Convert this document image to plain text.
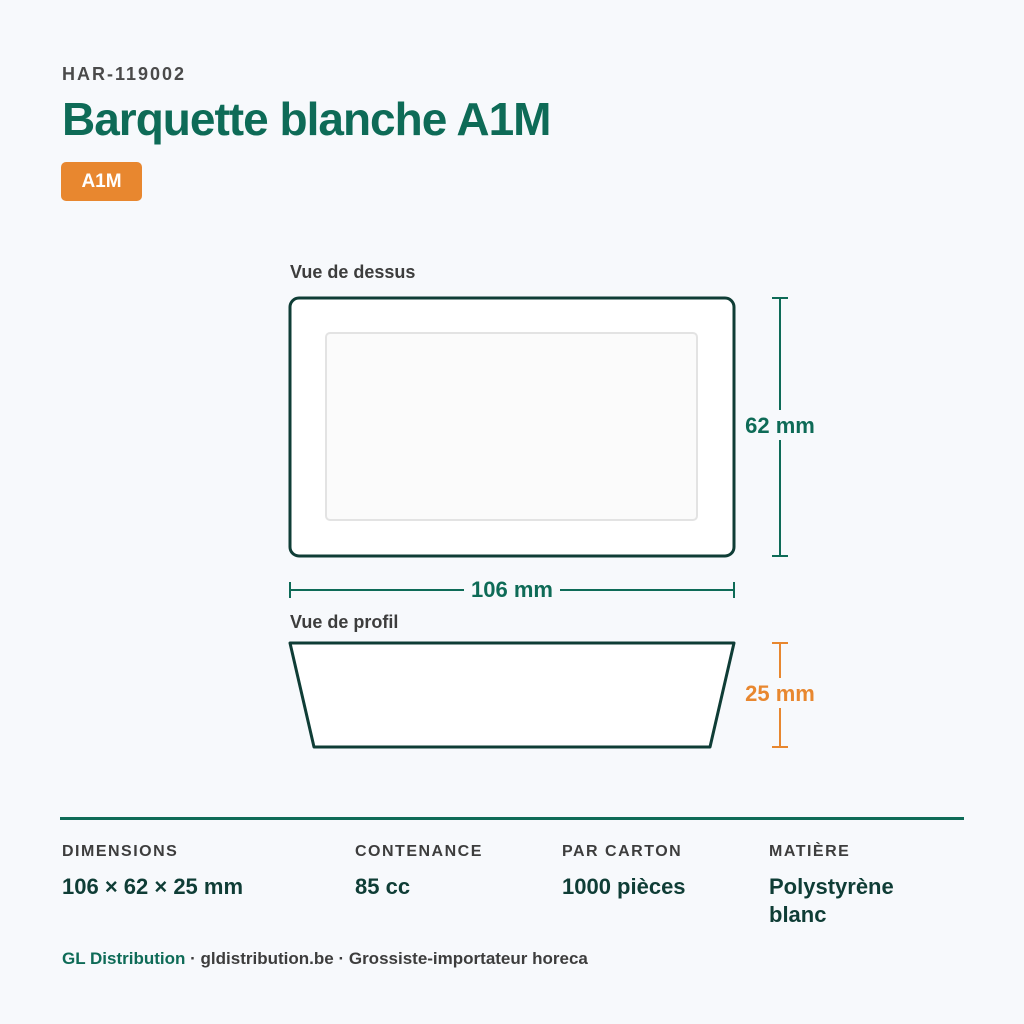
HAR-119002
Barquette blanche A1M
A1M
Vue de dessus
62 mm
106 mm
Vue de profil
25 mm
DIMENSIONS
106 × 62 × 25 mm
CONTENANCE
85 cc
PAR CARTON
1000 pièces
MATIÈRE
Polystyrène blanc
GL Distribution · gldistribution.be · Grossiste-importateur horeca
